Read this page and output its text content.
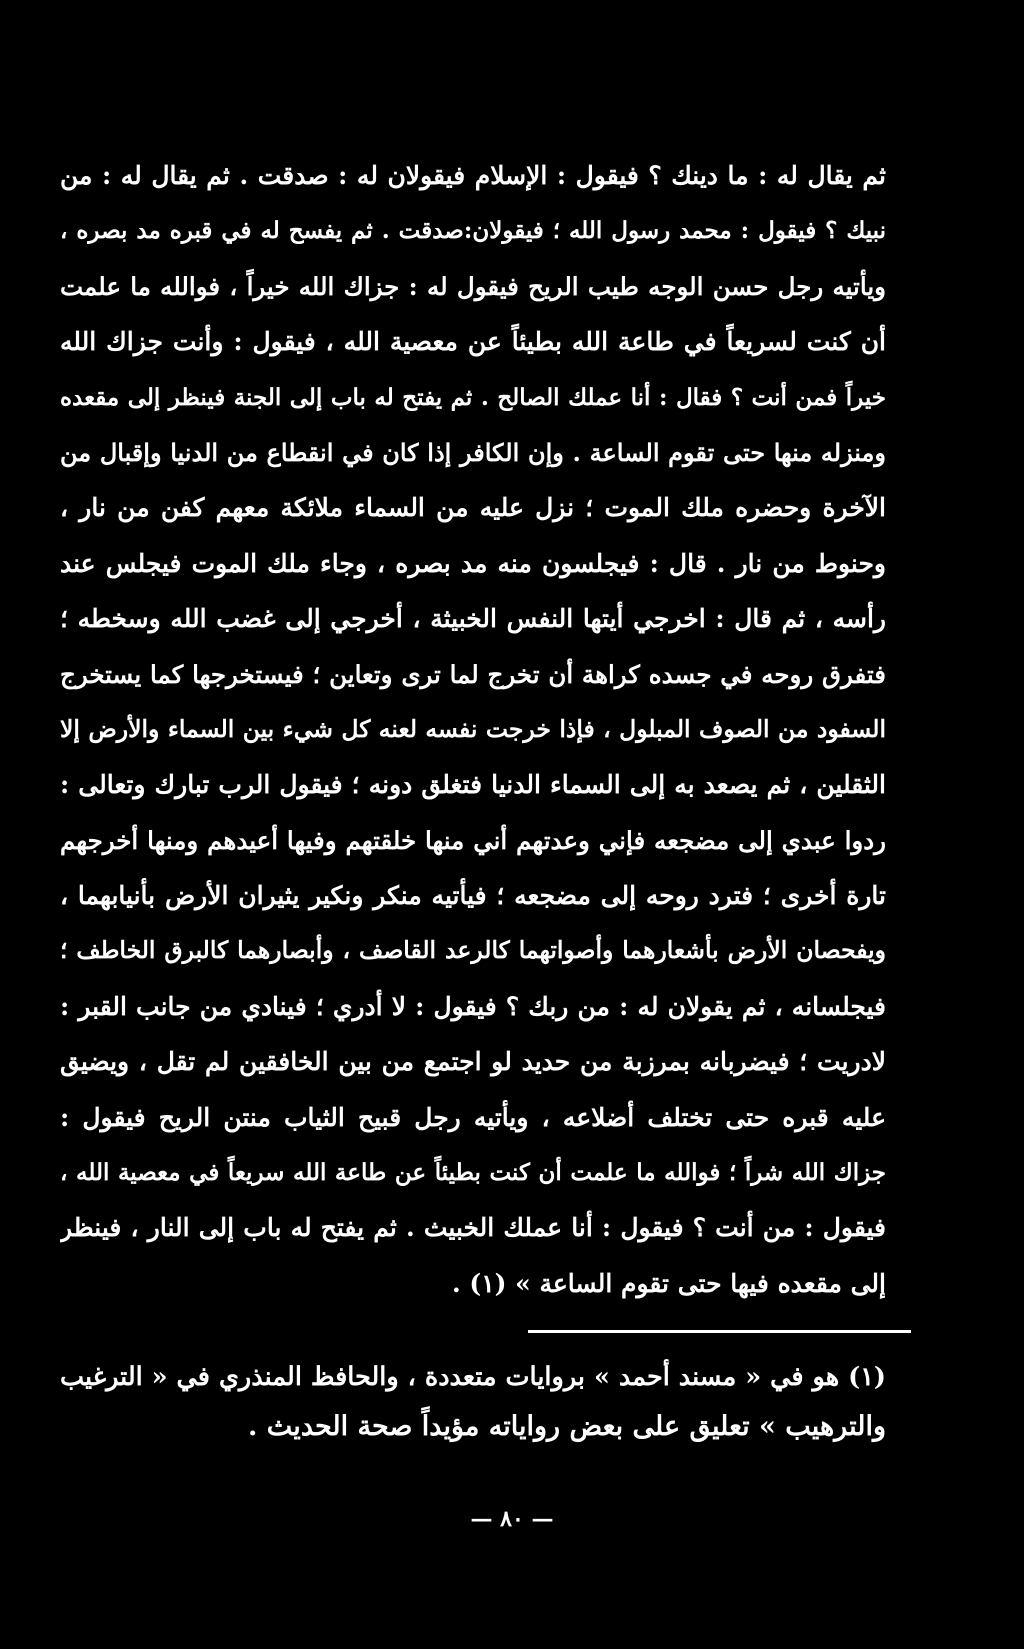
ثم يقال له : ما دينك ؟ فيقول : الإسلام فيقولان له : صدقت . ثم يقال له : من
نبيك ؟ فيقول : محمد رسول الله ؛ فيقولان:صدقت . ثم يفسح له في قبره مد بصره ،
ويأتيه رجل حسن الوجه طيب الريح فيقول له : جزاك الله خيراً ، فوالله ما علمت
أن كنت لسريعاً في طاعة الله بطيئاً عن معصية الله ، فيقول : وأنت جزاك الله
خيراً فمن أنت ؟ فقال : أنا عملك الصالح . ثم يفتح له باب إلى الجنة فينظر إلى مقعده
ومنزله منها حتى تقوم الساعة . وإن الكافر إذا كان في انقطاع من الدنيا وإقبال من
الآخرة وحضره ملك الموت ؛ نزل عليه من السماء ملائكة معهم كفن من نار ،
وحنوط من نار . قال : فيجلسون منه مد بصره ، وجاء ملك الموت فيجلس عند
رأسه ، ثم قال : اخرجي أيتها النفس الخبيثة ، أخرجي إلى غضب الله وسخطه ؛
فتفرق روحه في جسده كراهة أن تخرج لما ترى وتعاين ؛ فيستخرجها كما يستخرج
السفود من الصوف المبلول ، فإذا خرجت نفسه لعنه كل شيء بين السماء والأرض إلا
الثقلين ، ثم يصعد به إلى السماء الدنيا فتغلق دونه ؛ فيقول الرب تبارك وتعالى :
ردوا عبدي إلى مضجعه فإني وعدتهم أني منها خلقتهم وفيها أعيدهم ومنها أخرجهم
تارة أخرى ؛ فترد روحه إلى مضجعه ؛ فيأتيه منكر ونكير يثيران الأرض بأنيابهما ،
ويفحصان الأرض بأشعارهما وأصواتهما كالرعد القاصف ، وأبصارهما كالبرق الخاطف ؛
فيجلسانه ، ثم يقولان له : من ربك ؟ فيقول : لا أدري ؛ فينادي من جانب القبر :
لادريت ؛ فيضربانه بمرزبة من حديد لو اجتمع من بين الخافقين لم تقل ، ويضيق
عليه قبره حتى تختلف أضلاعه ، ويأتيه رجل قبيح الثياب منتن الريح فيقول :
جزاك الله شراً ؛ فوالله ما علمت أن كنت بطيئاً عن طاعة الله سريعاً في معصية الله ،
فيقول : من أنت ؟ فيقول : أنا عملك الخبيث . ثم يفتح له باب إلى النار ، فينظر
إلى مقعده فيها حتى تقوم الساعة » (١) .
(١) هو في « مسند أحمد » بروايات متعددة ، والحافظ المنذري في « الترغيب
والترهيب » تعليق على بعض رواياته مؤيداً صحة الحديث .
— ٨٠ —
